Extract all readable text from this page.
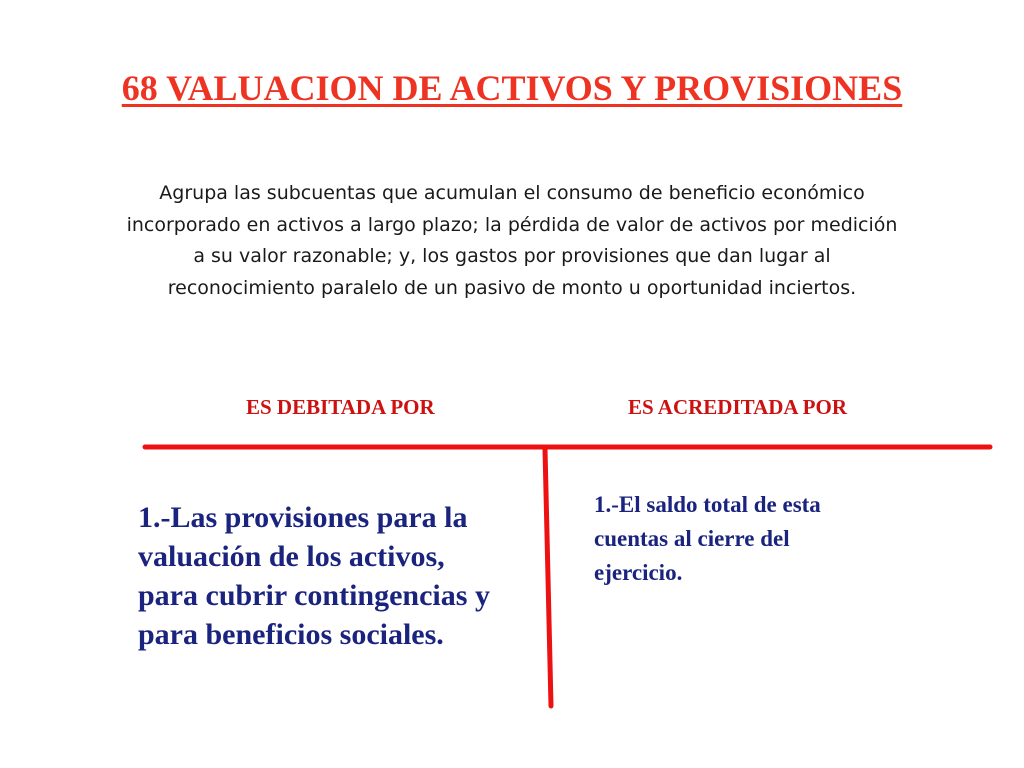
68 VALUACION DE ACTIVOS Y PROVISIONES
Agrupa las subcuentas que acumulan el consumo de beneficio económico
incorporado en activos a largo plazo; la pérdida de valor de activos por medición
a su valor razonable; y, los gastos por provisiones que dan lugar al
reconocimiento paralelo de un pasivo de monto u oportunidad inciertos.
ES DEBITADA POR	ES ACREDITADA POR
1.-Las provisiones para la
valuación de los activos,
para cubrir contingencias y
para beneficios sociales.
1.-El saldo total de esta
cuentas al cierre del
ejercicio.
